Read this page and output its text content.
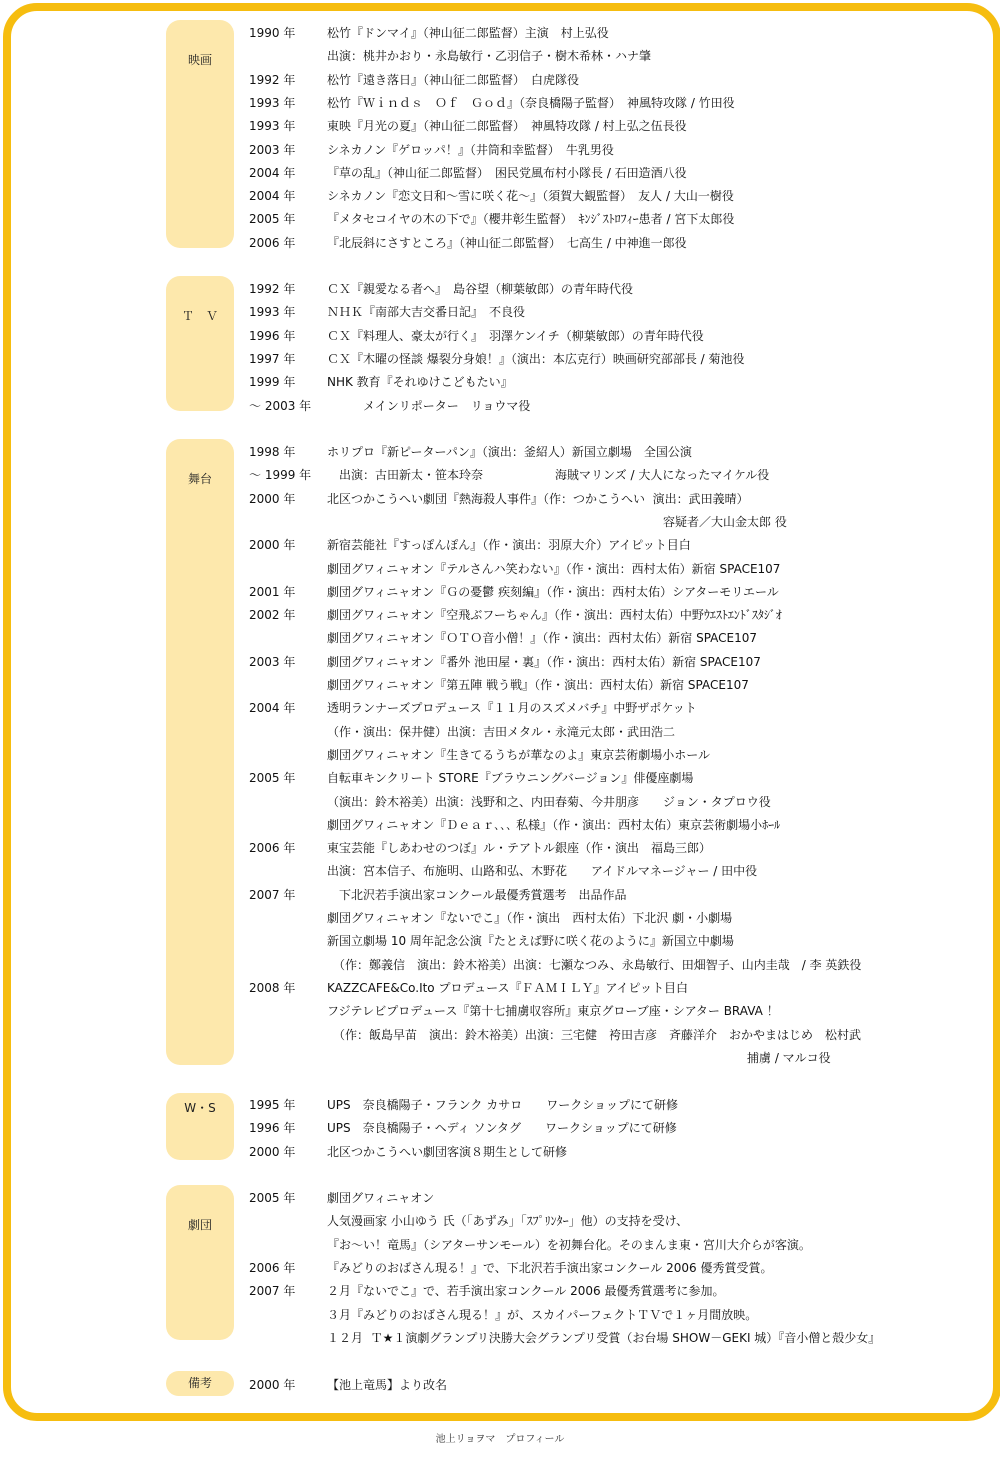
映画
1990 年	松竹『ドンマイ』（神山征二郎監督）主演　村上弘役
出演：桃井かおり・永島敏行・乙羽信子・樹木希林・ハナ肇
1992 年	松竹『遠き落日』（神山征二郎監督）　白虎隊役
1993 年	松竹『Ｗｉｎｄｓ　Ｏｆ　Ｇｏｄ』（奈良橋陽子監督）　神風特攻隊 / 竹田役
1993 年	東映『月光の夏』（神山征二郎監督）　神風特攻隊 / 村上弘之伍長役
2003 年	シネカノン『ゲロッパ！』（井筒和幸監督）　牛乳男役
2004 年	『草の乱』（神山征二郎監督）　困民党風布村小隊長 / 石田造酒八役
2004 年	シネカノン『恋文日和〜雪に咲く花〜』（須賀大観監督）　友人 / 大山一樹役
2005 年	『メタセコイヤの木の下で』（櫻井彰生監督）　ｷﾝｼﾞｽﾄﾛﾌｨｰ患者 / 宮下太郎役
2006 年	『北辰斜にさすところ』（神山征二郎監督）　七高生 / 中神進一郎役
Ｔ　Ｖ
1992 年	ＣＸ『親愛なる者へ』　島谷望（柳葉敏郎）の青年時代役
1993 年	ＮＨＫ『南部大吉交番日記』　不良役
1996 年	ＣＸ『料理人、豪太が行く』　羽澤ケンイチ（柳葉敏郎）の青年時代役
1997 年	ＣＸ『木曜の怪談 爆裂分身娘！』（演出：本広克行）映画研究部部長 / 菊池役
1999 年	NHK 教育『それゆけこどもたい』
〜 2003 年 　　　メインリポーター　リョウマ役
舞台
1998 年	ホリプロ『新ピーターパン』（演出：釜紹人）新国立劇場　全国公演
〜 1999 年 　出演：古田新太・笹本玲奈　　　　　　海賊マリンズ / 大人になったマイケル役
2000 年	北区つかこうへい劇団『熱海殺人事件』（作：つかこうへい  演出：武田義晴）
　　　　　　　　　　　　　　　　　　　　　　　　　　　　容疑者／大山金太郎 役
2000 年	新宿芸能社『すっぽんぽん』（作・演出：羽原大介）アイピット目白
劇団グワィニャオン『テルさんハ笑わない』（作・演出：西村太佑）新宿 SPACE107
2001 年	劇団グワィニャオン『Ｇの憂鬱 疾刻編』（作・演出：西村太佑）シアターモリエール
2002 年	劇団グワィニャオン『空飛ぶフーちゃん』（作・演出：西村太佑）中野ｳｴｽﾄｴﾝﾄﾞｽﾀｼﾞｵ
劇団グワィニャオン『ＯＴＯ音小僧！』（作・演出：西村太佑）新宿 SPACE107
2003 年	劇団グワィニャオン『番外 池田屋・裏』（作・演出：西村太佑）新宿 SPACE107
劇団グワィニャオン『第五陣 戦う戦』（作・演出：西村太佑）新宿 SPACE107
2004 年	透明ランナーズプロデュース『１１月のスズメバチ』中野ザポケット
（作・演出：保井健）出演：吉田メタル・永滝元太郎・武田浩二
劇団グワィニャオン『生きてるうちが華なのよ』東京芸術劇場小ホール
2005 年	自転車キンクリート STORE『ブラウニングバージョン』俳優座劇場
（演出：鈴木裕美）出演：浅野和之、内田春菊、今井朋彦　　ジョン・タプロウ役
劇団グワィニャオン『Ｄｅａｒ､､､ 私様』（作・演出：西村太佑）東京芸術劇場小ﾎｰﾙ
2006 年	東宝芸能『しあわせのつぼ』ル・テアトル銀座（作・演出　福島三郎）
出演：宮本信子、布施明、山路和弘、木野花　　アイドルマネージャー / 田中役
2007 年	　下北沢若手演出家コンクール最優秀賞選考　出品作品
劇団グワィニャオン『ないでこ』（作・演出　西村太佑）下北沢 劇・小劇場
新国立劇場 10 周年記念公演『たとえば野に咲く花のように』新国立中劇場
　（作：鄭義信　演出：鈴木裕美）出演：七瀬なつみ、永島敏行、田畑智子、山内圭哉　/ 李 英鉄役
2008 年	KAZZCAFE&Co.Ito プロデュース『ＦＡＭＩＬＹ』アイピット目白
フジテレビプロデュース『第十七捕虜収容所』東京グローブ座・シアター BRAVA ！
　（作：飯島早苗　演出：鈴木裕美）出演：三宅健　袴田吉彦　斉藤洋介　おかやまはじめ　松村武
　　　　　　　　　　　　　　　　　　　　　　　　　　　　　　　　　　　捕虜 / マルコ役
W・S	1995 年	UPS　奈良橋陽子・フランク カサロ　　ワークショップにて研修
1996 年	UPS　奈良橋陽子・ヘディ ソンタグ　　ワークショップにて研修
2000 年	北区つかこうへい劇団客演８期生として研修
劇団
2005 年	劇団グワィニャオン
人気漫画家 小山ゆう 氏（「あずみ」「ｽﾌﾟﾘﾝﾀｰ」他）の支持を受け、
『お〜い！竜馬』（シアターサンモール）を初舞台化。そのまんま東・宮川大介らが客演。
2006 年	『みどりのおばさん現る！』で、下北沢若手演出家コンクール 2006 優秀賞受賞。
2007 年	２月『ないでこ』で、若手演出家コンクール 2006 最優秀賞選考に参加。
３月『みどりのおばさん現る！』が、スカイパーフェクトＴＶで１ヶ月間放映。
１２月  Ｔ★１演劇グランプリ決勝大会グランプリ受賞（お台場 SHOW－GEKI 城）『音小僧と殻少女』
備考	2000 年	【池上竜馬】より改名
池上リョヲマ　プロフィール
